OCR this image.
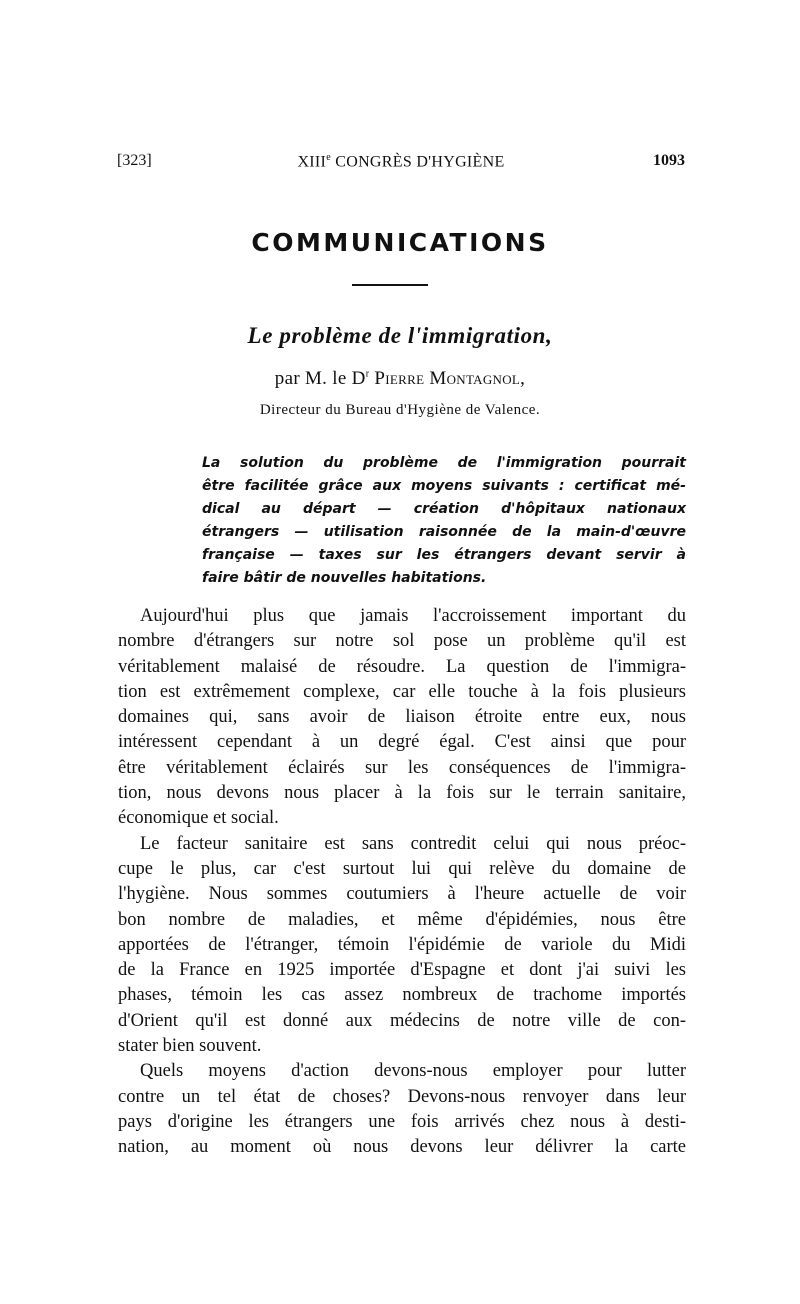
[323]	XIIIe CONGRÈS D'HYGIÈNE	1093
COMMUNICATIONS
Le problème de l'immigration,
par M. le $D^r$ Pierre Montagnol,
Directeur du Bureau d'Hygiène de Valence.
La solution du problème de l'immigration pourrait
être facilitée grâce aux moyens suivants : certificat mé-
dical au départ — création d'hôpitaux nationaux
étrangers — utilisation raisonnée de la main-d'œuvre
française — taxes sur les étrangers devant servir à
faire bâtir de nouvelles habitations.
Aujourd'hui plus que jamais l'accroissement important du
nombre d'étrangers sur notre sol pose un problème qu'il est
véritablement malaisé de résoudre. La question de l'immigra-
tion est extrêmement complexe, car elle touche à la fois plusieurs
domaines qui, sans avoir de liaison étroite entre eux, nous
intéressent cependant à un degré égal. C'est ainsi que pour
être véritablement éclairés sur les conséquences de l'immigra-
tion, nous devons nous placer à la fois sur le terrain sanitaire,
économique et social.
Le facteur sanitaire est sans contredit celui qui nous préoc-
cupe le plus, car c'est surtout lui qui relève du domaine de
l'hygiène. Nous sommes coutumiers à l'heure actuelle de voir
bon nombre de maladies, et même d'épidémies, nous être
apportées de l'étranger, témoin l'épidémie de variole du Midi
de la France en 1925 importée d'Espagne et dont j'ai suivi les
phases, témoin les cas assez nombreux de trachome importés
d'Orient qu'il est donné aux médecins de notre ville de con-
stater bien souvent.
Quels moyens d'action devons-nous employer pour lutter
contre un tel état de choses? Devons-nous renvoyer dans leur
pays d'origine les étrangers une fois arrivés chez nous à desti-
nation, au moment où nous devons leur délivrer la carte
